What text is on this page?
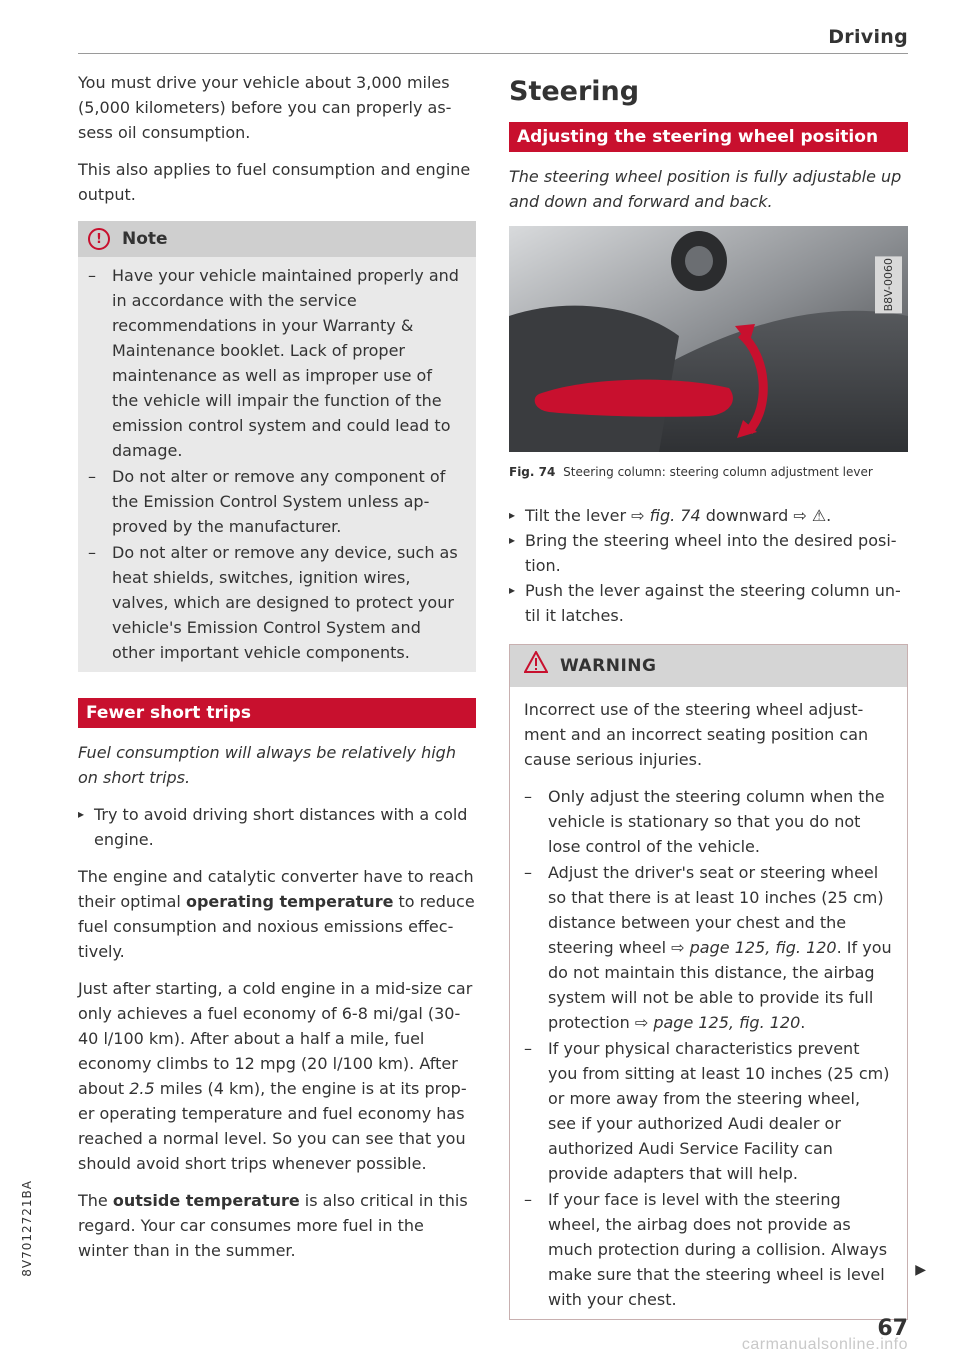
Driving

You must drive your vehicle about 3,000 miles (5,000 kilometers) before you can properly assess oil consumption.

This also applies to fuel consumption and engine output.

!	Note
– Have your vehicle maintained properly and in accordance with the service recommendations in your Warranty & Maintenance booklet. Lack of proper maintenance as well as improper use of the vehicle will impair the function of the emission control system and could lead to damage.
– Do not alter or remove any component of the Emission Control System unless approved by the manufacturer.
– Do not alter or remove any device, such as heat shields, switches, ignition wires, valves, which are designed to protect your vehicle's Emission Control System and other important vehicle components.
Fewer short trips

Fuel consumption will always be relatively high on short trips.

▸ Try to avoid driving short distances with a cold engine.

The engine and catalytic converter have to reach their optimal operating temperature to reduce fuel consumption and noxious emissions effectively.

Just after starting, a cold engine in a mid-size car only achieves a fuel economy of 6-8 mi/gal (30-40 l/100 km). After about a half a mile, fuel economy climbs to 12 mpg (20 l/100 km). After about 2.5 miles (4 km), the engine is at its proper operating temperature and fuel economy has reached a normal level. So you can see that you should avoid short trips whenever possible.

The outside temperature is also critical in this regard. Your car consumes more fuel in the winter than in the summer.

Steering
Adjusting the steering wheel position

The steering wheel position is fully adjustable up and down and forward and back.

B8V-0060
Fig. 74 Steering column: steering column adjustment lever
▸ Tilt the lever ⇨ fig. 74 downward ⇨ ⚠.
▸ Bring the steering wheel into the desired position.
▸ Push the lever against the steering column until it latches.
WARNING

Incorrect use of the steering wheel adjustment and an incorrect seating position can cause serious injuries.

– Only adjust the steering column when the vehicle is stationary so that you do not lose control of the vehicle.
– Adjust the driver's seat or steering wheel so that there is at least 10 inches (25 cm) distance between your chest and the steering wheel ⇨ page 125, fig. 120. If you do not maintain this distance, the airbag system will not be able to provide its full protection ⇨ page 125, fig. 120.
– If your physical characteristics prevent you from sitting at least 10 inches (25 cm) or more away from the steering wheel, see if your authorized Audi dealer or authorized Audi Service Facility can provide adapters that will help.
– If your face is level with the steering wheel, the airbag does not provide as much protection during a collision. Always make sure that the steering wheel is level with your chest.
▶
67
8V7012721BA
carmanualsonline.info
